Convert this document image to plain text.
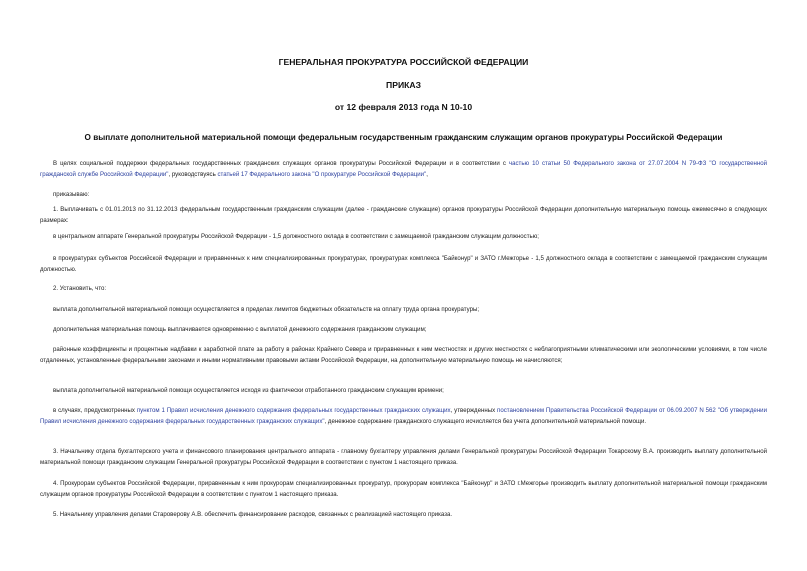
ГЕНЕРАЛЬНАЯ ПРОКУРАТУРА РОССИЙСКОЙ ФЕДЕРАЦИИ
ПРИКАЗ
от 12 февраля 2013 года N 10-10
О выплате дополнительной материальной помощи федеральным государственным гражданским служащим органов прокуратуры Российской Федерации
В целях социальной поддержки федеральных государственных гражданских служащих органов прокуратуры Российской Федерации и в соответствии с частью 10 статьи 50 Федерального закона от 27.07.2004 N 79-ФЗ "О государственной гражданской службе Российской Федерации", руководствуясь статьей 17 Федерального закона "О прокуратуре Российской Федерации",
приказываю:
1. Выплачивать с 01.01.2013 по 31.12.2013 федеральным государственным гражданским служащим (далее - гражданские служащие) органов прокуратуры Российской Федерации дополнительную материальную помощь ежемесячно в следующих размерах:
в центральном аппарате Генеральной прокуратуры Российской Федерации - 1,5 должностного оклада в соответствии с замещаемой гражданским служащим должностью;
в прокуратурах субъектов Российской Федерации и приравненных к ним специализированных прокуратурах, прокуратурах комплекса "Байконур" и ЗАТО г.Межгорье - 1,5 должностного оклада в соответствии с замещаемой гражданским служащим должностью.
2. Установить, что:
выплата дополнительной материальной помощи осуществляется в пределах лимитов бюджетных обязательств на оплату труда органа прокуратуры;
дополнительная материальная помощь выплачивается одновременно с выплатой денежного содержания гражданским служащим;
районные коэффициенты и процентные надбавки к заработной плате за работу в районах Крайнего Севера и приравненных к ним местностях и других местностях с неблагоприятными климатическими или экологическими условиями, в том числе отдаленных, установленные федеральными законами и иными нормативными правовыми актами Российской Федерации, на дополнительную материальную помощь не начисляются;
выплата дополнительной материальной помощи осуществляется исходя из фактически отработанного гражданским служащим времени;
в случаях, предусмотренных пунктом 1 Правил исчисления денежного содержания федеральных государственных гражданских служащих, утвержденных постановлением Правительства Российской Федерации от 06.09.2007 N 562 "Об утверждении Правил исчисления денежного содержания федеральных государственных гражданских служащих", денежное содержание гражданского служащего исчисляется без учета дополнительной материальной помощи.
3. Начальнику отдела бухгалтерского учета и финансового планирования центрального аппарата - главному бухгалтеру управления делами Генеральной прокуратуры Российской Федерации Токарскому В.А. производить выплату дополнительной материальной помощи гражданским служащим Генеральной прокуратуры Российской Федерации в соответствии с пунктом 1 настоящего приказа.
4. Прокурорам субъектов Российской Федерации, приравненным к ним прокурорам специализированных прокуратур, прокурорам комплекса "Байконур" и ЗАТО г.Межгорье производить выплату дополнительной материальной помощи гражданским служащим органов прокуратуры Российской Федерации в соответствии с пунктом 1 настоящего приказа.
5. Начальнику управления делами Староверову А.В. обеспечить финансирование расходов, связанных с реализацией настоящего приказа.
